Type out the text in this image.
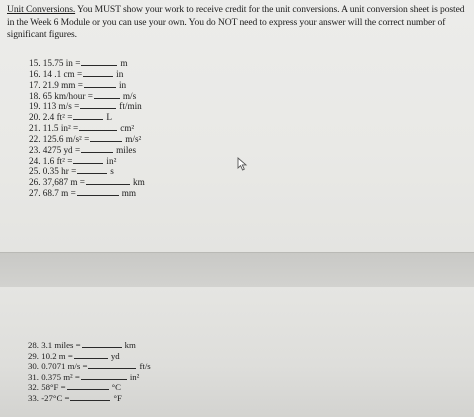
Unit Conversions. You MUST show your work to receive credit for the unit conversions. A unit conversion sheet is posted in the Week 6 Module or you can use your own. You do NOT need to express your answer will the correct number of significant figures.
15. 15.75 in =	m
16. 14 .1 cm =	in
17. 21.9 mm =	in
18. 65 km/hour =	m/s
19. 113 m/s =	ft/min
20. 2.4 ft² =	L
21. 11.5 in² =	cm²
22. 125.6 m/s² =	m/s²
23. 4275 yd =	miles
24. 1.6 ft² =	in²
25. 0.35 hr =	s
26. 37,687 m =	km
27. 68.7 m =	mm
28. 3.1 miles =	km
29. 10.2 m =	yd
30. 0.7071 m/s =	ft/s
31. 0.375 m² =	in²
32. 58°F =	°C
33. -27°C =	°F
